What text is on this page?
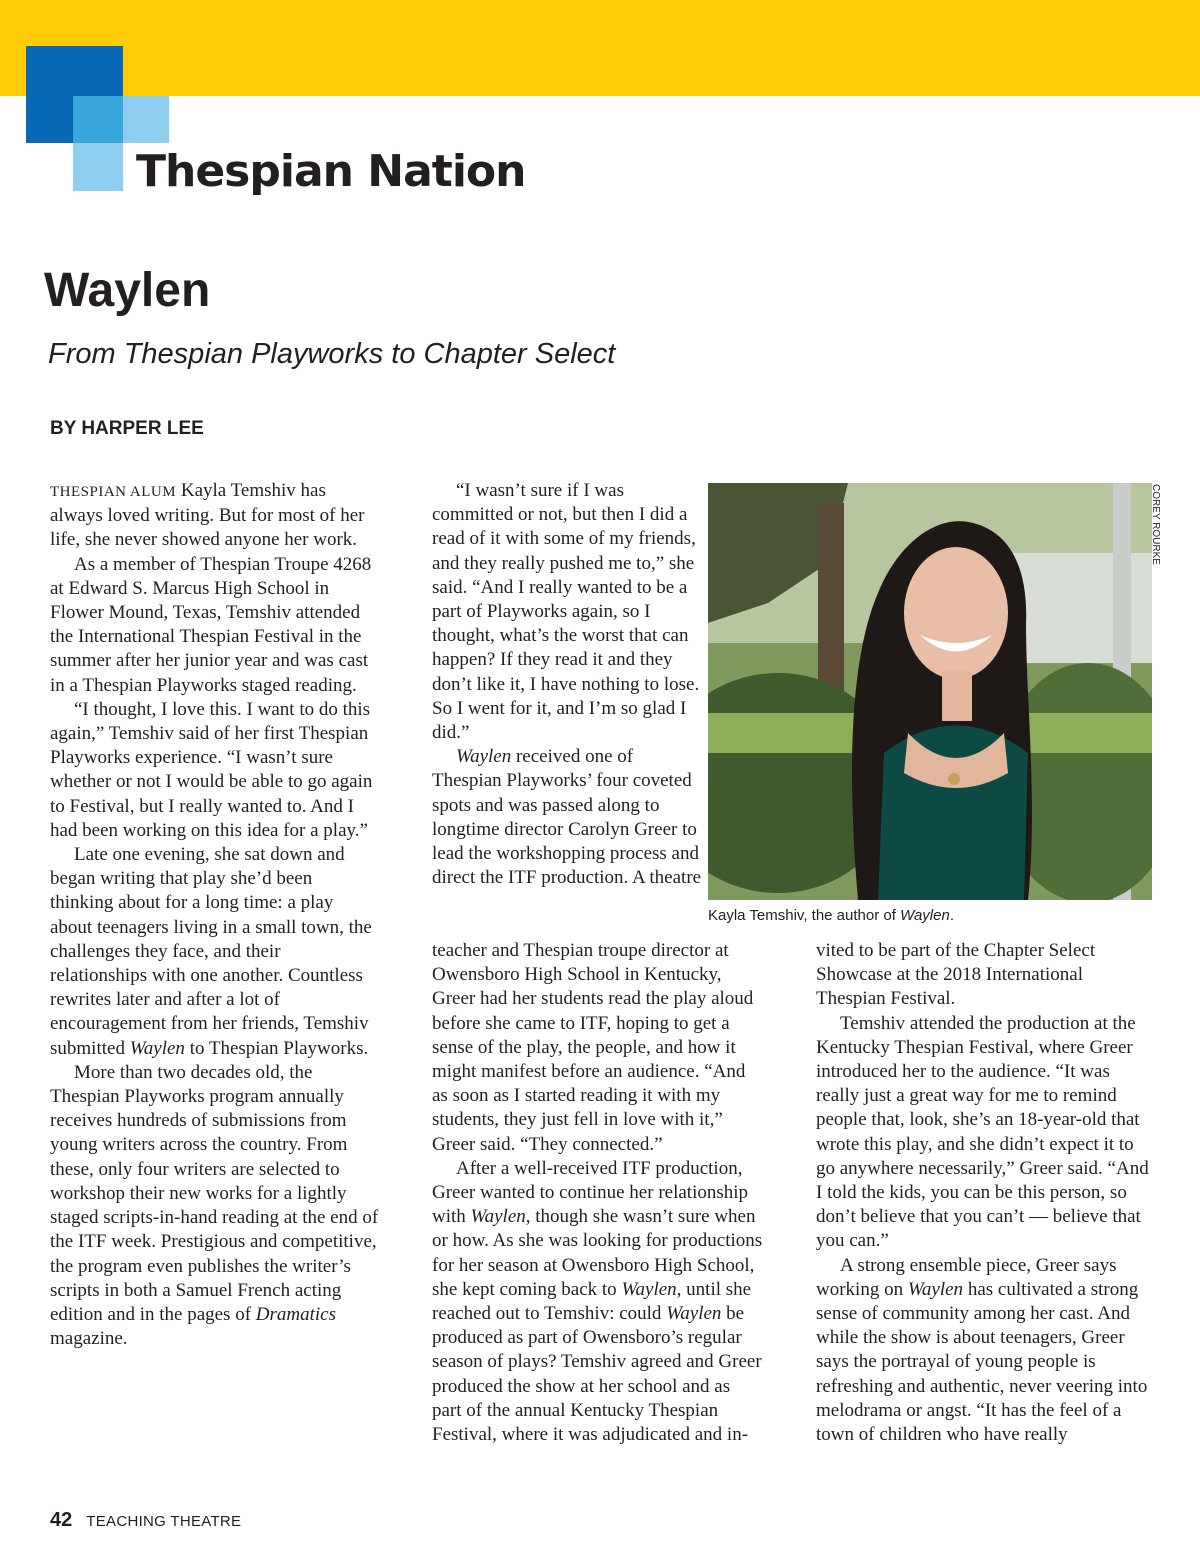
Thespian Nation
Waylen
From Thespian Playworks to Chapter Select
BY HARPER LEE

THESPIAN ALUM Kayla Temshiv has always loved writing. But for most of her life, she never showed anyone her work.

As a member of Thespian Troupe 4268 at Edward S. Marcus High School in Flower Mound, Texas, Temshiv attended the International Thespian Festival in the summer after her junior year and was cast in a Thespian Playworks staged reading.

“I thought, I love this. I want to do this again,” Temshiv said of her first Thespian Playworks experience. “I wasn’t sure whether or not I would be able to go again to Festival, but I really wanted to. And I had been working on this idea for a play.”

Late one evening, she sat down and began writing that play she’d been thinking about for a long time: a play about teenagers living in a small town, the challenges they face, and their relationships with one another. Countless rewrites later and after a lot of encouragement from her friends, Temshiv submitted Waylen to Thespian Playworks.

More than two decades old, the Thespian Playworks program annually receives hundreds of submissions from young writers across the country. From these, only four writers are selected to workshop their new works for a lightly staged scripts-in-hand reading at the end of the ITF week. Prestigious and competitive, the program even publishes the writer’s scripts in both a Samuel French acting edition and in the pages of Dramatics magazine.

“I wasn’t sure if I was committed or not, but then I did a read of it with some of my friends, and they really pushed me to,” she said. “And I really wanted to be a part of Playworks again, so I thought, what’s the worst that can happen? If they read it and they don’t like it, I have nothing to lose. So I went for it, and I’m so glad I did.”

Waylen received one of Thespian Playworks’ four coveted spots and was passed along to longtime director Carolyn Greer to lead the workshopping process and direct the ITF production. A theatre

teacher and Thespian troupe director at Owensboro High School in Kentucky, Greer had her students read the play aloud before she came to ITF, hoping to get a sense of the play, the people, and how it might manifest before an audience. “And as soon as I started reading it with my students, they just fell in love with it,” Greer said. “They connected.”

After a well-received ITF production, Greer wanted to continue her relationship with Waylen, though she wasn’t sure when or how. As she was looking for productions for her season at Owensboro High School, she kept coming back to Waylen, until she reached out to Temshiv: could Waylen be produced as part of Owensboro’s regular season of plays? Temshiv agreed and Greer produced the show at her school and as part of the annual Kentucky Thespian Festival, where it was adjudicated and in-

COREY ROURKE
Kayla Temshiv, the author of Waylen.

vited to be part of the Chapter Select Showcase at the 2018 International Thespian Festival.

Temshiv attended the production at the Kentucky Thespian Festival, where Greer introduced her to the audience. “It was really just a great way for me to remind people that, look, she’s an 18-year-old that wrote this play, and she didn’t expect it to go anywhere necessarily,” Greer said. “And I told the kids, you can be this person, so don’t believe that you can’t — believe that you can.”

A strong ensemble piece, Greer says working on Waylen has cultivated a strong sense of community among her cast. And while the show is about teenagers, Greer says the portrayal of young people is refreshing and authentic, never veering into melodrama or angst. “It has the feel of a town of children who have really

42 TEACHING THEATRE
